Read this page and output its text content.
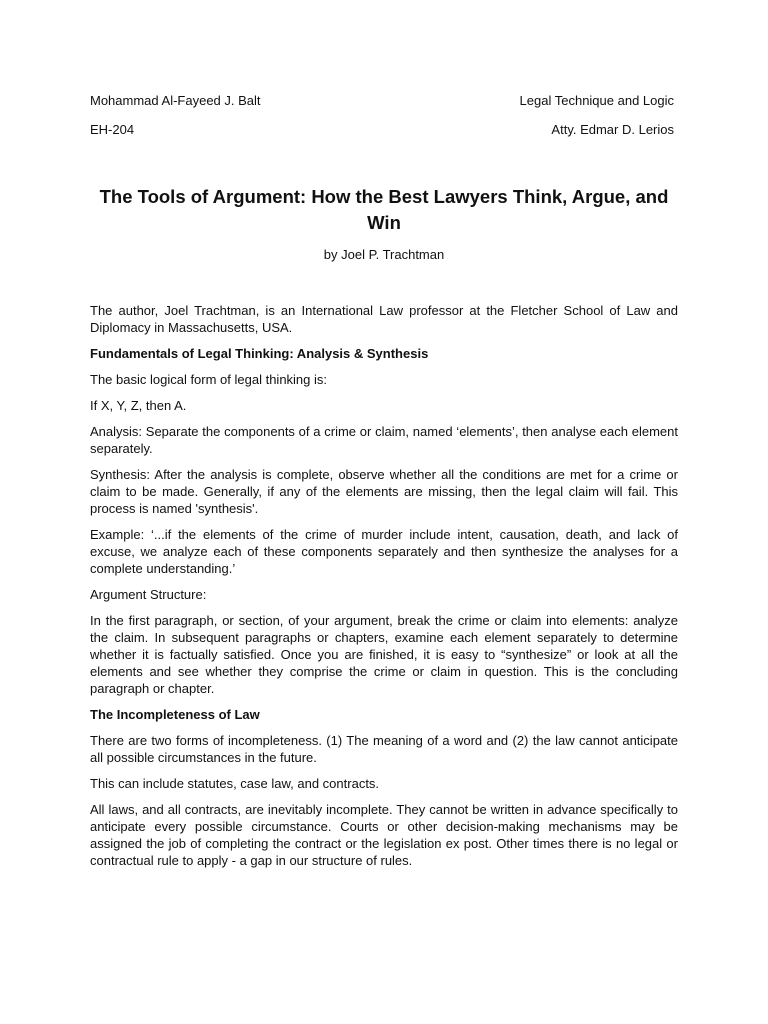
Mohammad Al-Fayeed J. Balt	Legal Technique and Logic
EH-204	Atty. Edmar D. Lerios
The Tools of Argument: How the Best Lawyers Think, Argue, and Win
by Joel P. Trachtman

The author, Joel Trachtman, is an International Law professor at the Fletcher School of Law and Diplomacy in Massachusetts, USA.

Fundamentals of Legal Thinking: Analysis & Synthesis

The basic logical form of legal thinking is:

If X, Y, Z, then A.

Analysis: Separate the components of a crime or claim, named ‘elements’, then analyse each element separately.

Synthesis: After the analysis is complete, observe whether all the conditions are met for a crime or claim to be made. Generally, if any of the elements are missing, then the legal claim will fail. This process is named 'synthesis'.

Example: ‘...if the elements of the crime of murder include intent, causation, death, and lack of excuse, we analyze each of these components separately and then synthesize the analyses for a complete understanding.’

Argument Structure:

In the first paragraph, or section, of your argument, break the crime or claim into elements: analyze the claim. In subsequent paragraphs or chapters, examine each element separately to determine whether it is factually satisfied. Once you are finished, it is easy to “synthesize” or look at all the elements and see whether they comprise the crime or claim in question. This is the concluding paragraph or chapter.

The Incompleteness of Law

There are two forms of incompleteness. (1) The meaning of a word and (2) the law cannot anticipate all possible circumstances in the future.

This can include statutes, case law, and contracts.

All laws, and all contracts, are inevitably incomplete. They cannot be written in advance specifically to anticipate every possible circumstance. Courts or other decision-making mechanisms may be assigned the job of completing the contract or the legislation ex post. Other times there is no legal or contractual rule to apply - a gap in our structure of rules.
